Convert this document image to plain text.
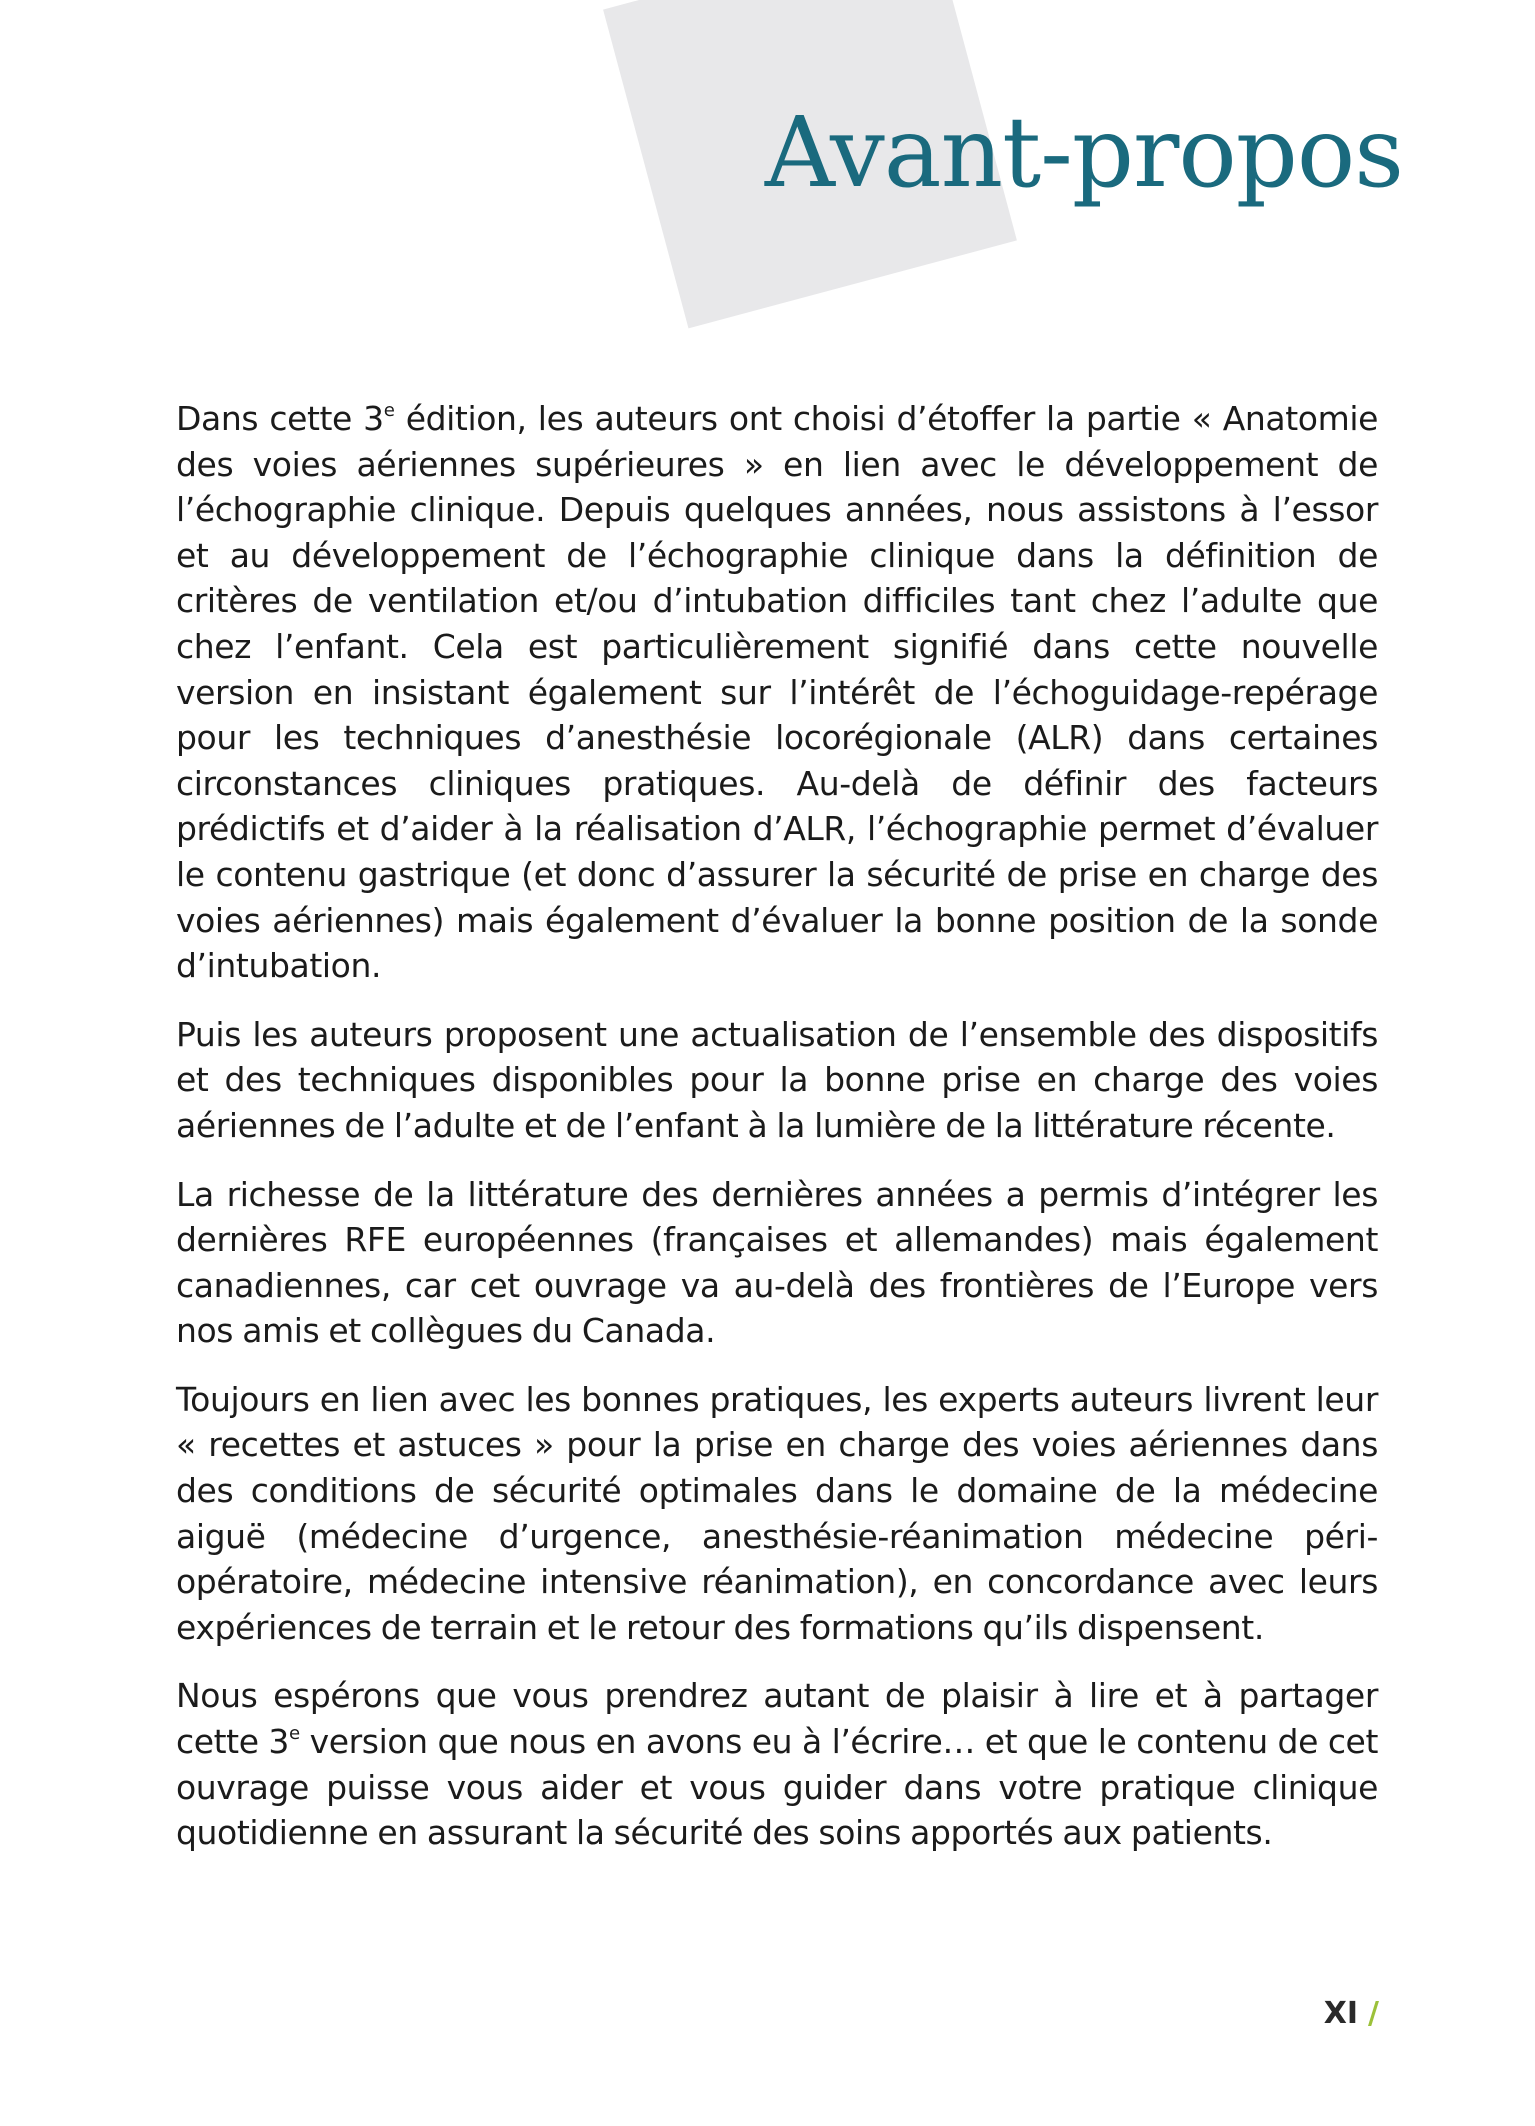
Avant-propos

Dans cette 3e édition, les auteurs ont choisi d’étoffer la partie « Anatomie des voies aériennes supérieures » en lien avec le développement de l’échographie clinique. Depuis quelques années, nous assistons à l’essor et au développement de l’échographie clinique dans la définition de critères de ventilation et/ou d’intubation difficiles tant chez l’adulte que chez l’enfant. Cela est particulièrement signifié dans cette nouvelle version en insistant également sur l’intérêt de l’échoguidage-repérage pour les techniques d’anesthésie locorégionale (ALR) dans certaines circonstances cliniques pratiques. Au-delà de définir des facteurs prédictifs et d’aider à la réalisation d’ALR, l’échographie permet d’évaluer le contenu gastrique (et donc d’assurer la sécurité de prise en charge des voies aériennes) mais également d’évaluer la bonne position de la sonde d’intubation.

Puis les auteurs proposent une actualisation de l’ensemble des dispositifs et des techniques disponibles pour la bonne prise en charge des voies aériennes de l’adulte et de l’enfant à la lumière de la littérature récente.

La richesse de la littérature des dernières années a permis d’intégrer les dernières RFE européennes (françaises et allemandes) mais également canadiennes, car cet ouvrage va au-delà des frontières de l’Europe vers nos amis et collègues du Canada.

Toujours en lien avec les bonnes pratiques, les experts auteurs livrent leur « recettes et astuces » pour la prise en charge des voies aériennes dans des conditions de sécurité optimales dans le domaine de la médecine aiguë (médecine d’urgence, anesthésie-réanimation médecine péri-opératoire, médecine intensive réanimation), en concordance avec leurs expériences de terrain et le retour des formations qu’ils dispensent.

Nous espérons que vous prendrez autant de plaisir à lire et à partager cette 3e version que nous en avons eu à l’écrire… et que le contenu de cet ouvrage puisse vous aider et vous guider dans votre pratique clinique quotidienne en assurant la sécurité des soins apportés aux patients.

XI /
